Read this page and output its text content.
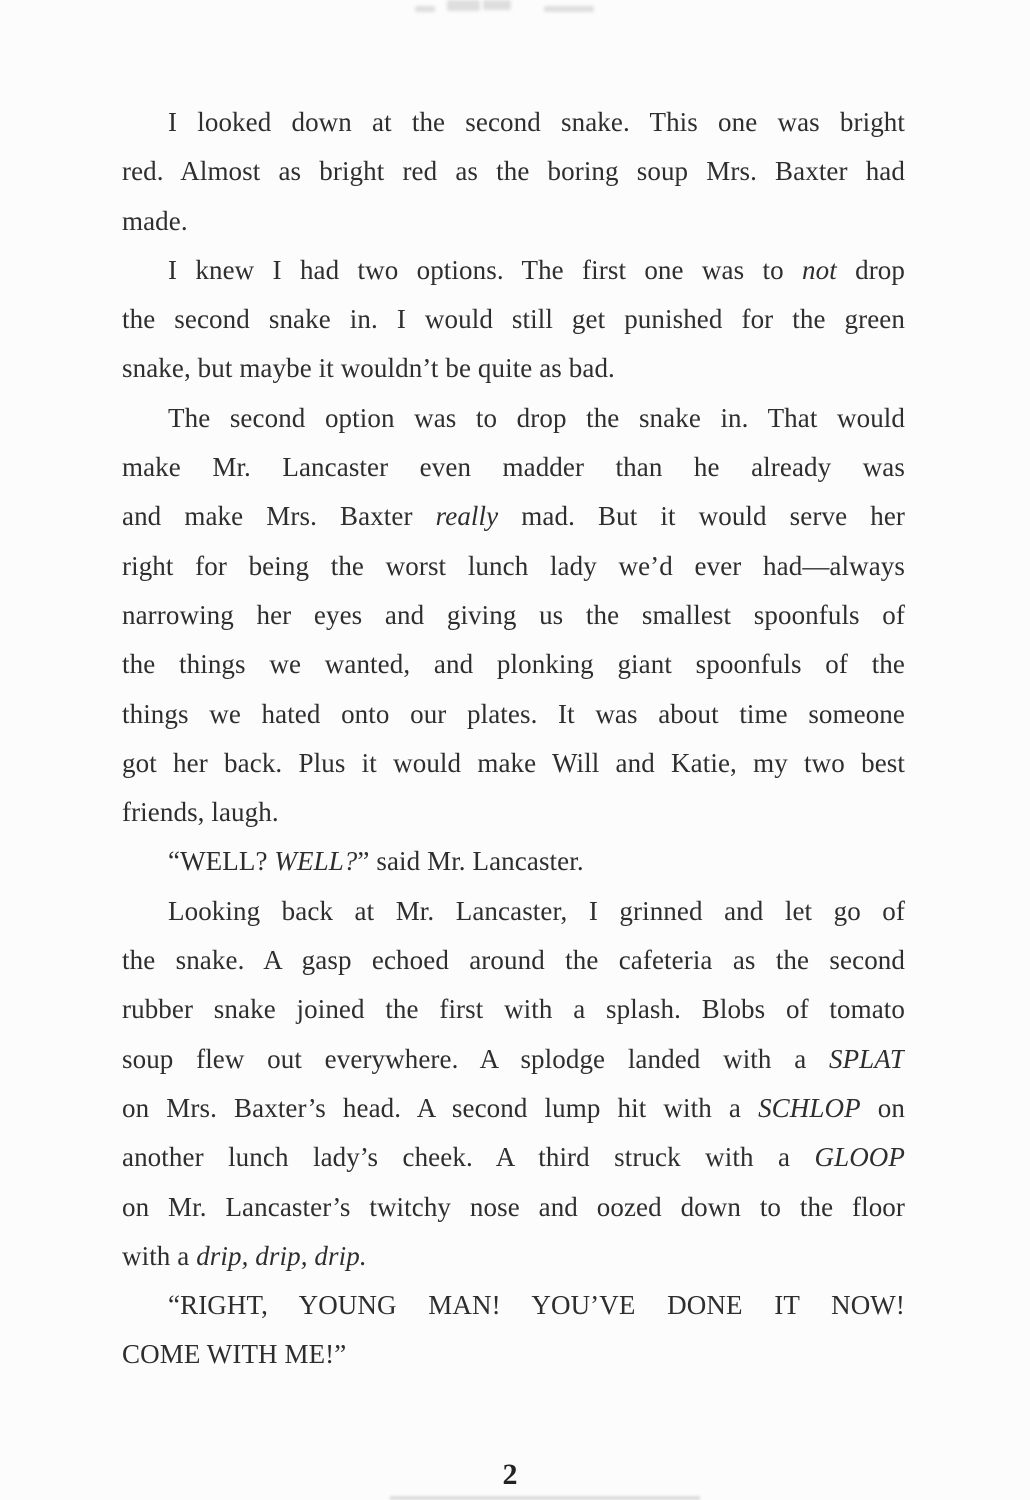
I looked down at the second snake. This one was bright
red. Almost as bright red as the boring soup Mrs. Baxter had
made.
I knew I had two options. The first one was to not drop
the second snake in. I would still get punished for the green
snake, but maybe it wouldn’t be quite as bad.
The second option was to drop the snake in. That would
make Mr. Lancaster even madder than he already was
and make Mrs. Baxter really mad. But it would serve her
right for being the worst lunch lady we’d ever had—always
narrowing her eyes and giving us the smallest spoonfuls of
the things we wanted, and plonking giant spoonfuls of the
things we hated onto our plates. It was about time someone
got her back. Plus it would make Will and Katie, my two best
friends, laugh.
“WELL? WELL?” said Mr. Lancaster.
Looking back at Mr. Lancaster, I grinned and let go of
the snake. A gasp echoed around the cafeteria as the second
rubber snake joined the first with a splash. Blobs of tomato
soup flew out everywhere. A splodge landed with a SPLAT
on Mrs. Baxter’s head. A second lump hit with a SCHLOP on
another lunch lady’s cheek. A third struck with a GLOOP
on Mr. Lancaster’s twitchy nose and oozed down to the floor
with a drip, drip, drip.
“RIGHT, YOUNG MAN! YOU’VE DONE IT NOW!
COME WITH ME!”
2
